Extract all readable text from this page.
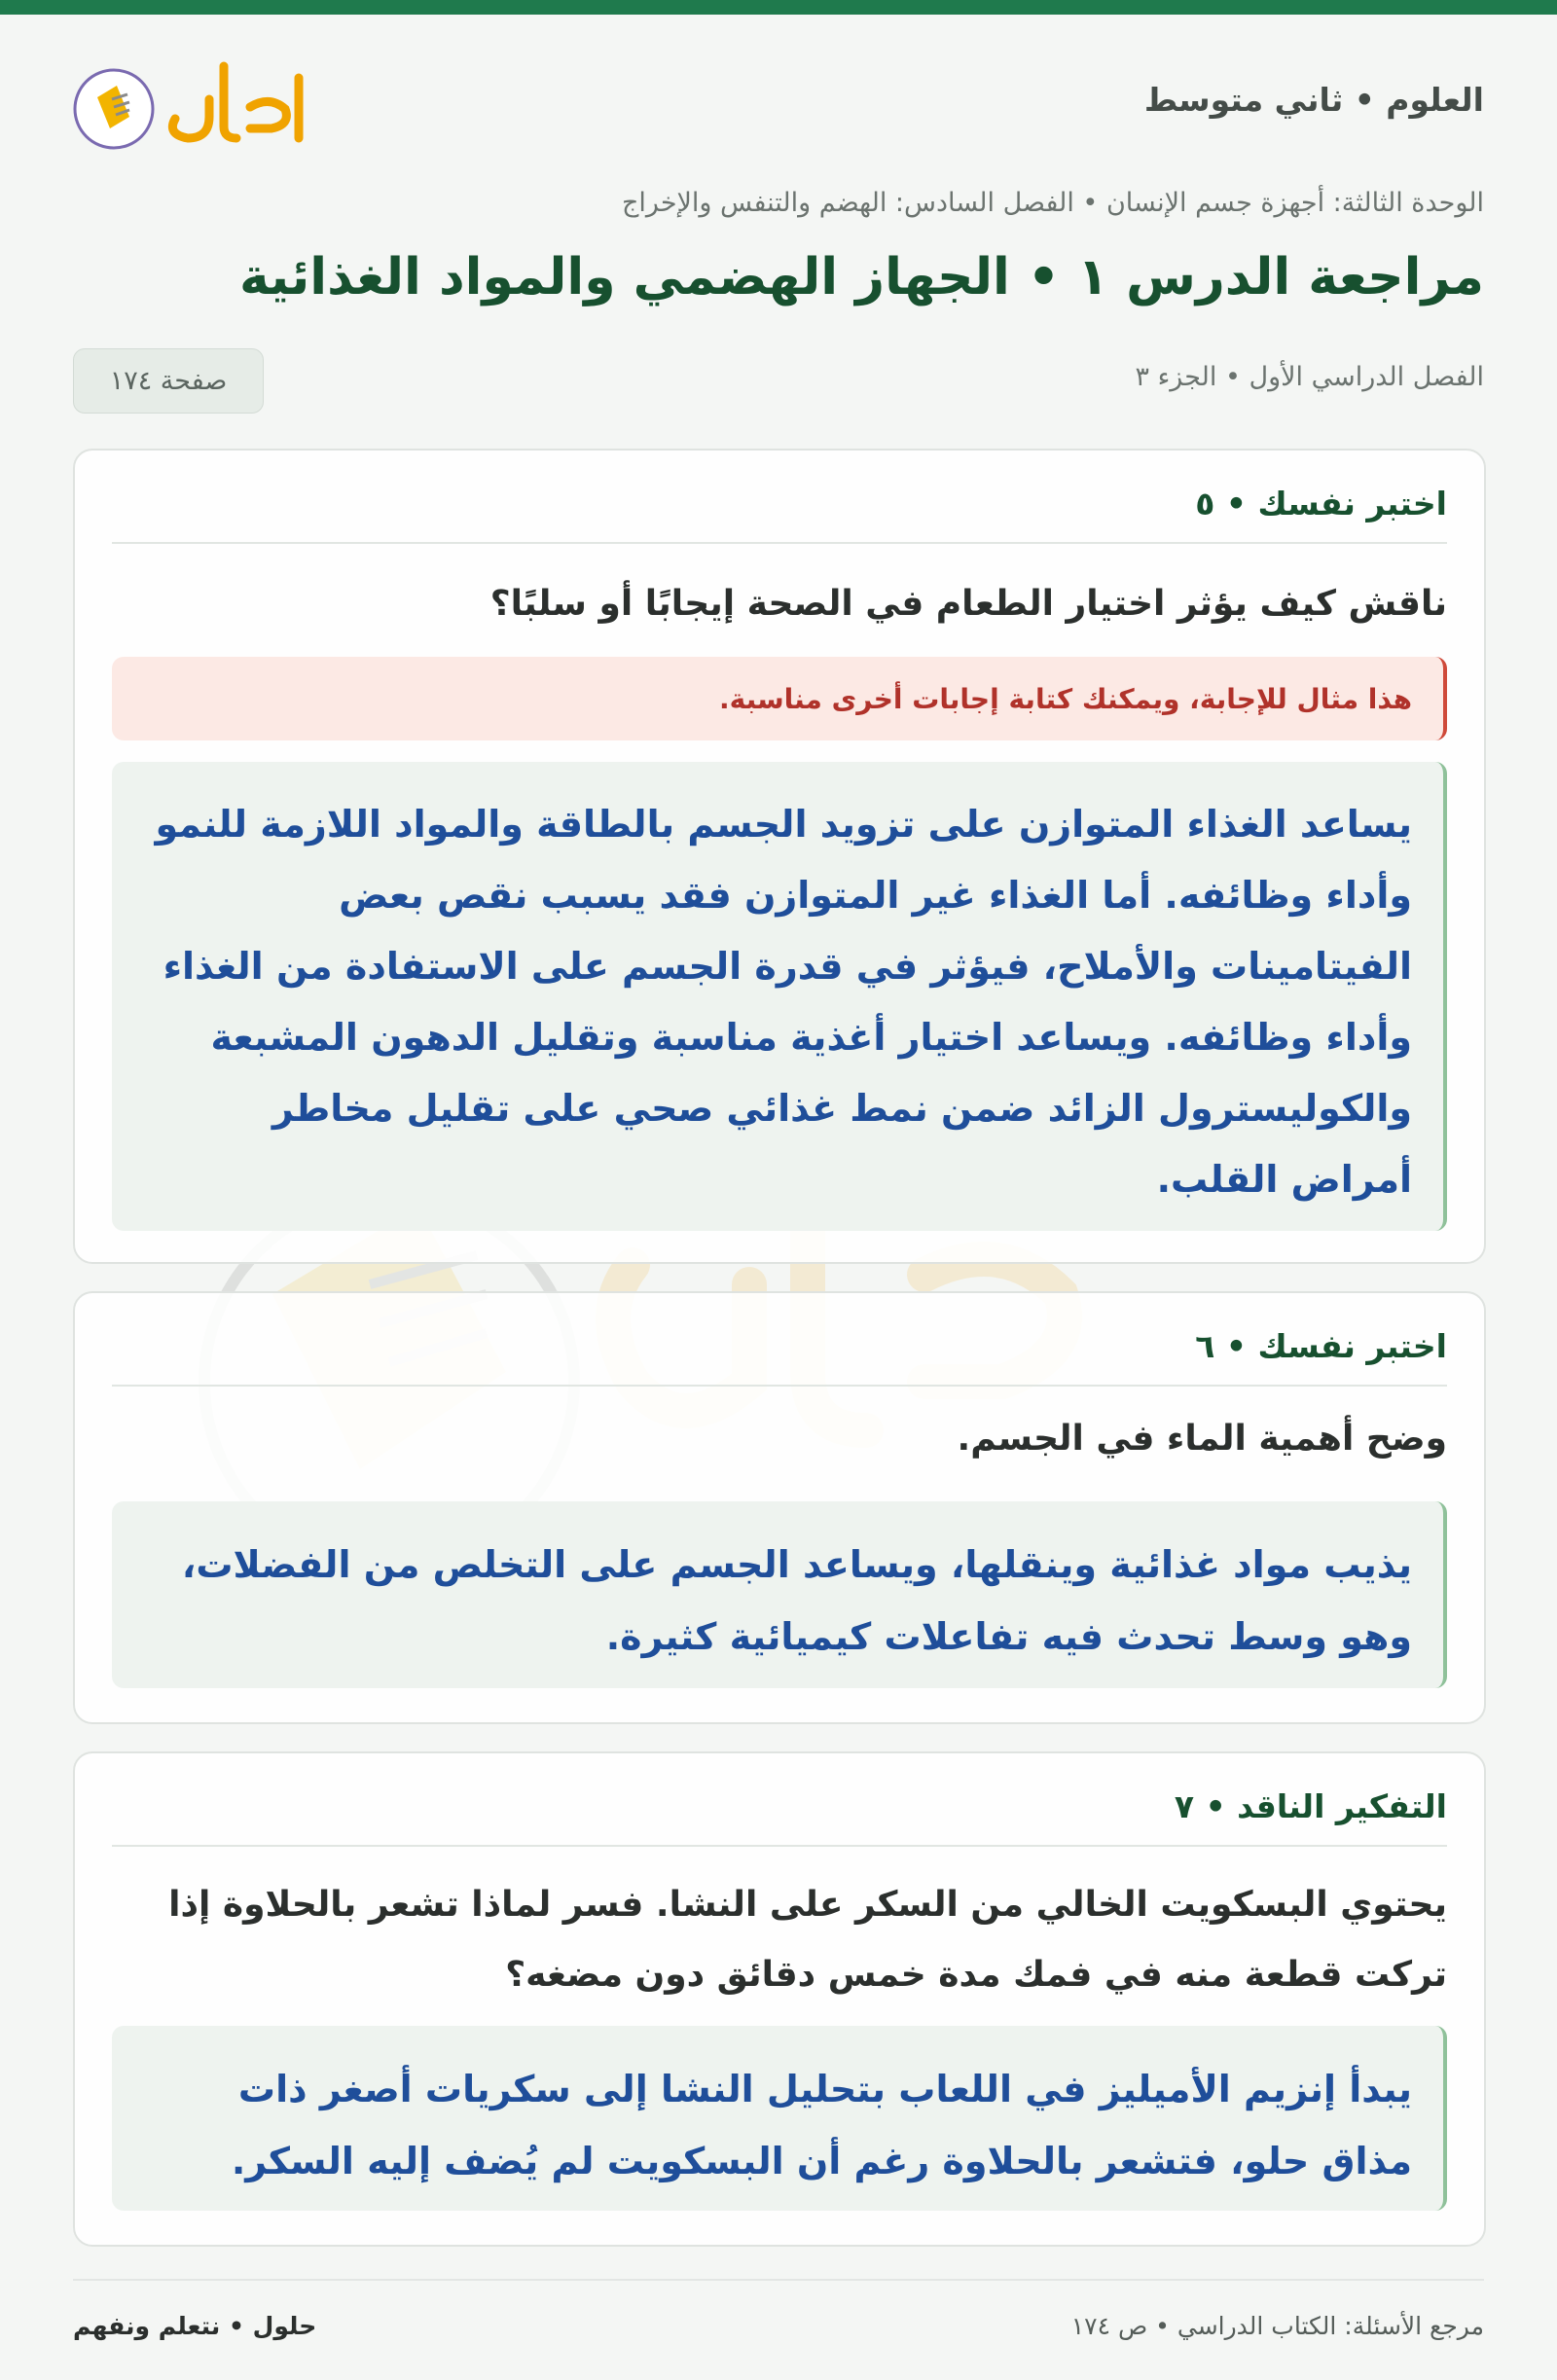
العلوم • ثاني متوسط
الوحدة الثالثة: أجهزة جسم الإنسان • الفصل السادس: الهضم والتنفس والإخراج
مراجعة الدرس ١ • الجهاز الهضمي والمواد الغذائية
الفصل الدراسي الأول • الجزء ٣
صفحة ١٧٤
اختبر نفسك • ٥
ناقش كيف يؤثر اختيار الطعام في الصحة إيجابًا أو سلبًا؟
هذا مثال للإجابة، ويمكنك كتابة إجابات أخرى مناسبة.
يساعد الغذاء المتوازن على تزويد الجسم بالطاقة والمواد اللازمة للنمو وأداء وظائفه. أما الغذاء غير المتوازن فقد يسبب نقص بعض الفيتامينات والأملاح، فيؤثر في قدرة الجسم على الاستفادة من الغذاء وأداء وظائفه. ويساعد اختيار أغذية مناسبة وتقليل الدهون المشبعة والكوليسترول الزائد ضمن نمط غذائي صحي على تقليل مخاطر أمراض القلب.
اختبر نفسك • ٦
وضح أهمية الماء في الجسم.
يذيب مواد غذائية وينقلها، ويساعد الجسم على التخلص من الفضلات، وهو وسط تحدث فيه تفاعلات كيميائية كثيرة.
التفكير الناقد • ٧
يحتوي البسكويت الخالي من السكر على النشا. فسر لماذا تشعر بالحلاوة إذا تركت قطعة منه في فمك مدة خمس دقائق دون مضغه؟
يبدأ إنزيم الأميليز في اللعاب بتحليل النشا إلى سكريات أصغر ذات مذاق حلو، فتشعر بالحلاوة رغم أن البسكويت لم يُضف إليه السكر.
مرجع الأسئلة: الكتاب الدراسي • ص ١٧٤
حلول • نتعلم ونفهم
